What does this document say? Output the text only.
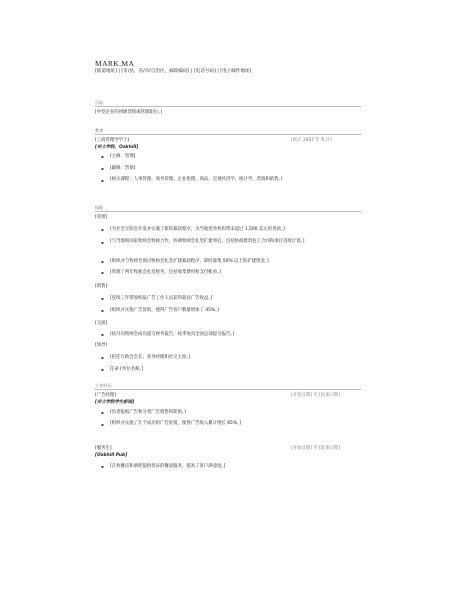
MARK.MA
[街道地址] | [市/县，省/市/自治区，邮政编码] | [电话号码] | [电子邮件地址]
目标
[中型企业的初级营销或管理职位。]
教育
[工商管理学学士]	[预计 2007 年 6 月]
[州立学院，Oakhill]
▪ [主修：管理]
▪ [辅修：营销]
▪ [相关课程：人事管理、商务管理、企业伦理、商法、宏观经济学、统计学、营销和销售。]
技能
[管理]
▪ [为社会互助会开发并实施了新的募款程序，为当地慈善机构带来超过 1,500 美元的善款。]
▪ [与当地和国家牧师会牧师合作，协调牧师会礼堂扩建事宜，包括协商建筑包工合同和项目进度计划。]
▪ [组织并与牧师会商讨牧师会礼堂扩建募款程序，即时募集 50% 以上的扩建资金。]
▪ [管理了两年牧师会礼堂财务，包括收集费用和支付帐单。]
[销售]
▪ [连续三年带领校报广告工作人员获得最高广告收益。]
▪ [组织并实施广告促销，使得广告客户数量增加了 45%。]
[交流]
▪ [按月向牧师会成员提交财务报告，按季度向全国总部提交报告。]
[领导]
▪ [担任互助会会长、业务经理和社交主席。]
▪ 任命 [单位名称。]
工作经历
[广告经理]	[开始日期] 至 [结束日期]
[州立学院学生新闻]
▪ [负责报纸广告和分类广告销售和促销。]
▪ [组织并实施了几个成功的广告促销，使得广告收入累计增长 65%。]
[服务生]	[开始日期] 至 [结束日期]
[Oakhill Pub]
▪ [在快餐店和酒吧提供优异的餐桌服务，提高了客户满意度。]
